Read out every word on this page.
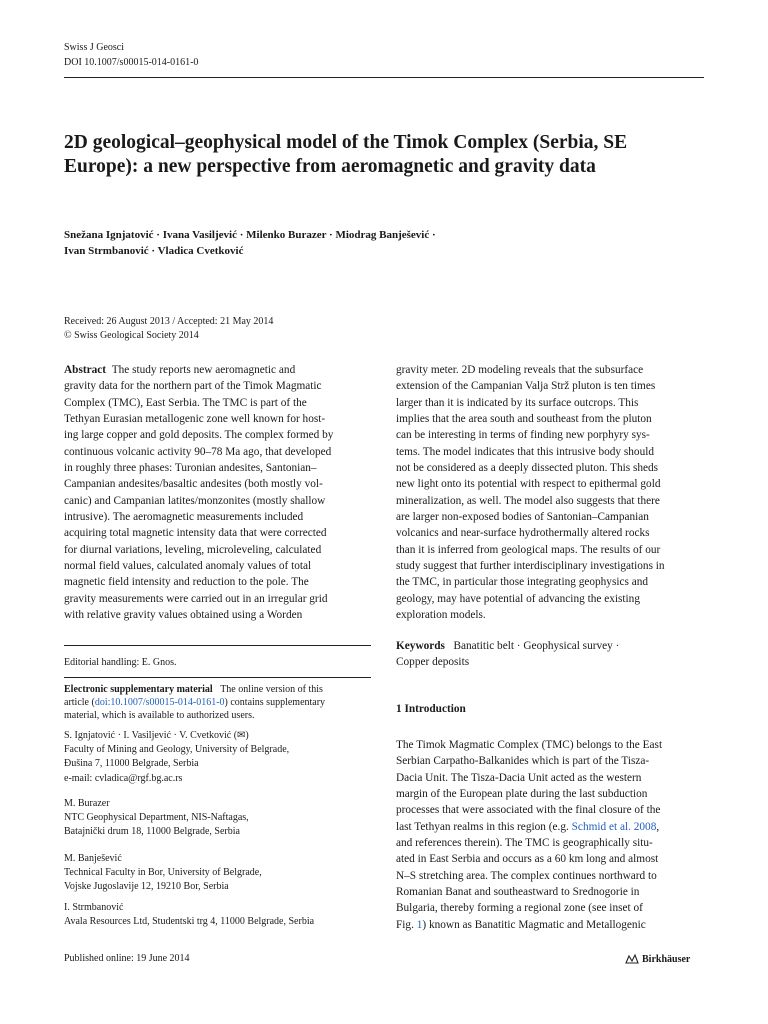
Swiss J Geosci
DOI 10.1007/s00015-014-0161-0
2D geological–geophysical model of the Timok Complex (Serbia, SE Europe): a new perspective from aeromagnetic and gravity data
Snežana Ignjatović · Ivana Vasiljević · Milenko Burazer · Miodrag Banješević ·
Ivan Strmbanović · Vladica Cvetković
Received: 26 August 2013 / Accepted: 21 May 2014
© Swiss Geological Society 2014
Abstract The study reports new aeromagnetic and
gravity data for the northern part of the Timok Magmatic
Complex (TMC), East Serbia. The TMC is part of the
Tethyan Eurasian metallogenic zone well known for host-
ing large copper and gold deposits. The complex formed by
continuous volcanic activity 90–78 Ma ago, that developed
in roughly three phases: Turonian andesites, Santonian–
Campanian andesites/basaltic andesites (both mostly vol-
canic) and Campanian latites/monzonites (mostly shallow
intrusive). The aeromagnetic measurements included
acquiring total magnetic intensity data that were corrected
for diurnal variations, leveling, microleveling, calculated
normal field values, calculated anomaly values of total
magnetic field intensity and reduction to the pole. The
gravity measurements were carried out in an irregular grid
with relative gravity values obtained using a Worden
gravity meter. 2D modeling reveals that the subsurface
extension of the Campanian Valja Strž pluton is ten times
larger than it is indicated by its surface outcrops. This
implies that the area south and southeast from the pluton
can be interesting in terms of finding new porphyry sys-
tems. The model indicates that this intrusive body should
not be considered as a deeply dissected pluton. This sheds
new light onto its potential with respect to epithermal gold
mineralization, as well. The model also suggests that there
are larger non-exposed bodies of Santonian–Campanian
volcanics and near-surface hydrothermally altered rocks
than it is inferred from geological maps. The results of our
study suggest that further interdisciplinary investigations in
the TMC, in particular those integrating geophysics and
geology, may have potential of advancing the existing
exploration models.
Keywords Banatitic belt · Geophysical survey ·
Copper deposits
Editorial handling: E. Gnos.
Electronic supplementary material The online version of this
article (doi:10.1007/s00015-014-0161-0) contains supplementary
material, which is available to authorized users.
S. Ignjatović · I. Vasiljević · V. Cvetković (✉)
Faculty of Mining and Geology, University of Belgrade,
Đušina 7, 11000 Belgrade, Serbia
e-mail: cvladica@rgf.bg.ac.rs
M. Burazer
NTC Geophysical Department, NIS-Naftagas,
Batajnički drum 18, 11000 Belgrade, Serbia
M. Banješević
Technical Faculty in Bor, University of Belgrade,
Vojske Jugoslavije 12, 19210 Bor, Serbia
I. Strmbanović
Avala Resources Ltd, Studentski trg 4, 11000 Belgrade, Serbia
1 Introduction
The Timok Magmatic Complex (TMC) belongs to the East
Serbian Carpatho-Balkanides which is part of the Tisza-
Dacia Unit. The Tisza-Dacia Unit acted as the western
margin of the European plate during the last subduction
processes that were associated with the final closure of the
last Tethyan realms in this region (e.g. Schmid et al. 2008,
and references therein). The TMC is geographically situ-
ated in East Serbia and occurs as a 60 km long and almost
N–S stretching area. The complex continues northward to
Romanian Banat and southeastward to Srednogorie in
Bulgaria, thereby forming a regional zone (see inset of
Fig. 1) known as Banatitic Magmatic and Metallogenic
Published online: 19 June 2014	Birkhäuser
